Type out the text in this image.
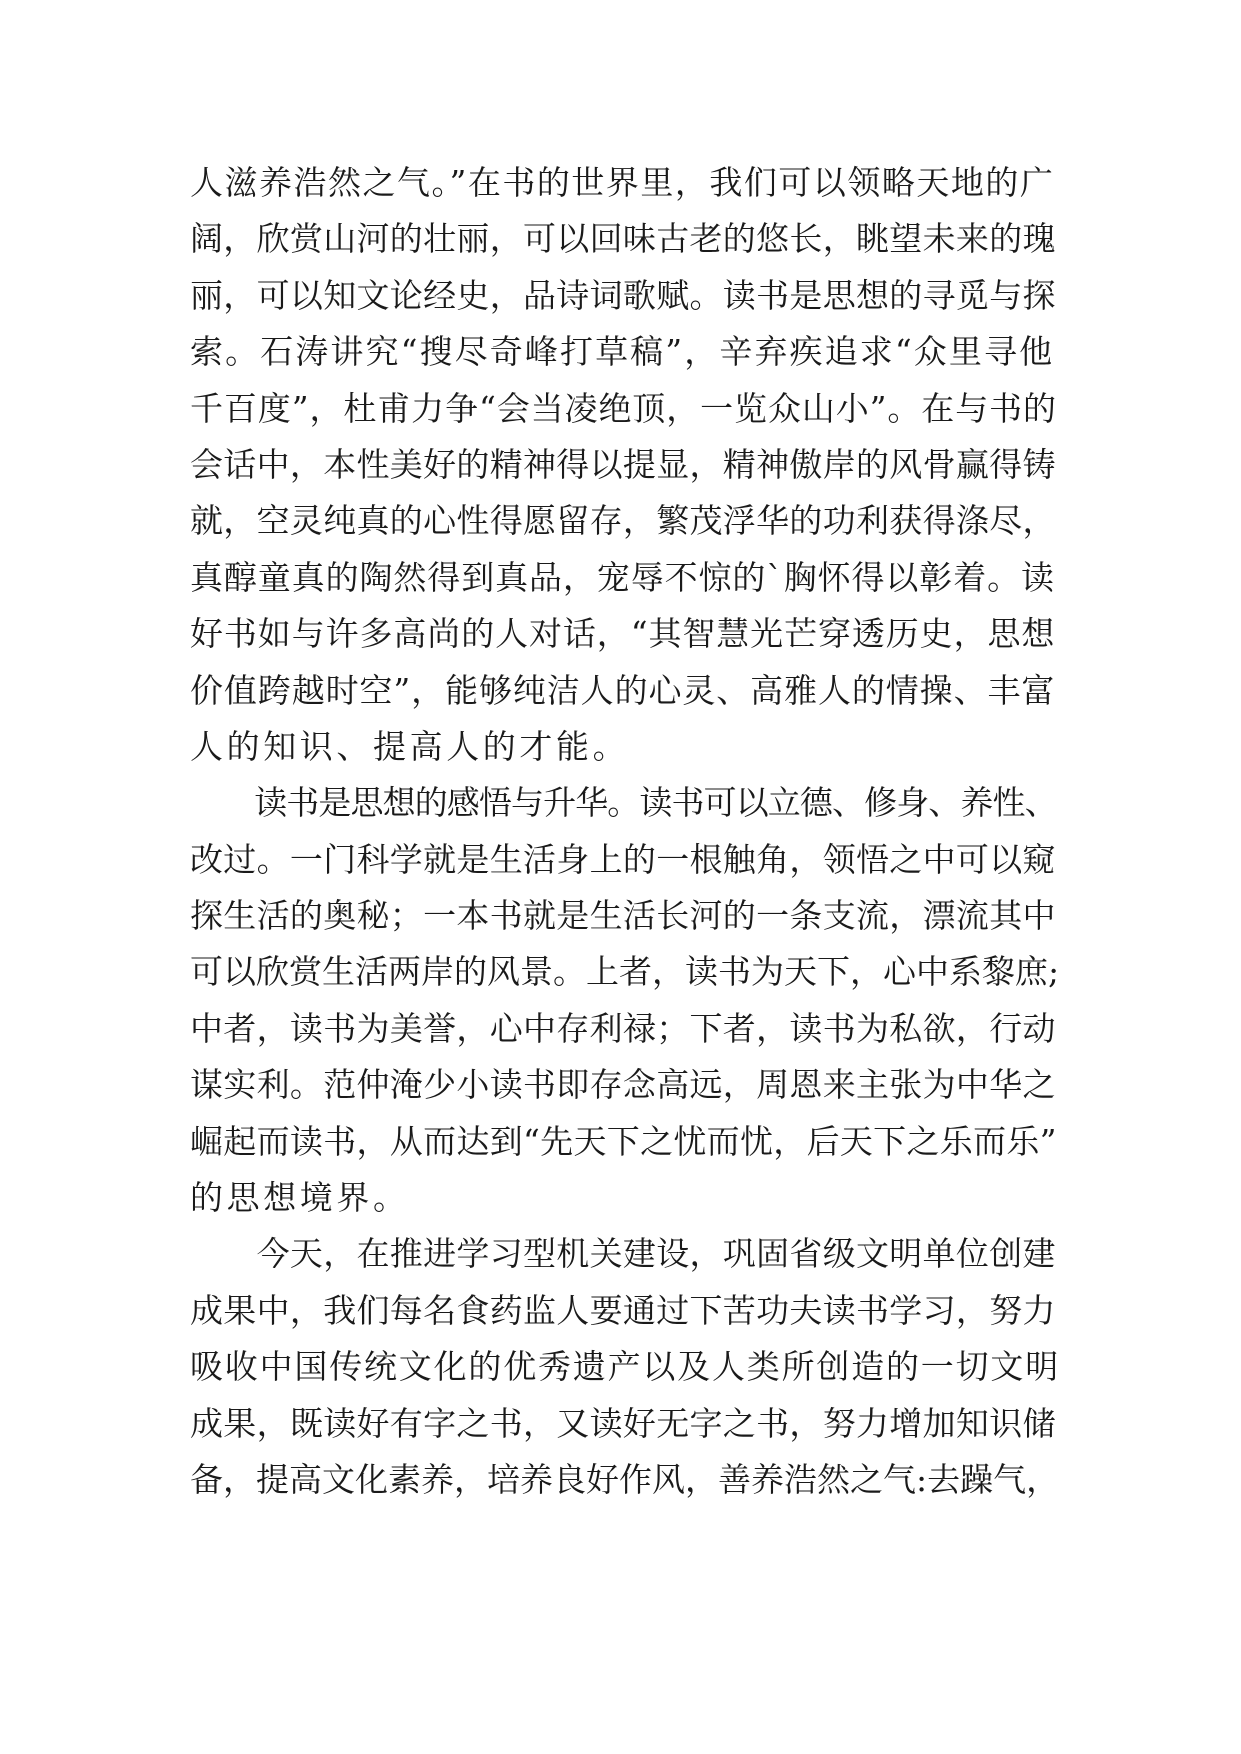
人滋养浩然之气。”在书的世界里，我们可以领略天地的广
阔，欣赏山河的壮丽，可以回味古老的悠长，眺望未来的瑰
丽，可以知文论经史，品诗词歌赋。读书是思想的寻觅与探
索。石涛讲究“搜尽奇峰打草稿”，辛弃疾追求“众里寻他
千百度”，杜甫力争“会当凌绝顶，一览众山小”。在与书的
会话中，本性美好的精神得以提显，精神傲岸的风骨赢得铸
就，空灵纯真的心性得愿留存，繁茂浮华的功利获得涤尽，
真醇童真的陶然得到真品，宠辱不惊的`胸怀得以彰着。读
好书如与许多高尚的人对话，“其智慧光芒穿透历史，思想
价值跨越时空”，能够纯洁人的心灵、高雅人的情操、丰富
人的知识、提高人的才能。
　　读书是思想的感悟与升华。读书可以立德、修身、养性、
改过。一门科学就是生活身上的一根触角，领悟之中可以窥
探生活的奥秘；一本书就是生活长河的一条支流，漂流其中
可以欣赏生活两岸的风景。上者，读书为天下，心中系黎庶;
中者，读书为美誉，心中存利禄；下者，读书为私欲，行动
谋实利。范仲淹少小读书即存念高远，周恩来主张为中华之
崛起而读书，从而达到“先天下之忧而忧，后天下之乐而乐”
的思想境界。
　　今天，在推进学习型机关建设，巩固省级文明单位创建
成果中，我们每名食药监人要通过下苦功夫读书学习，努力
吸收中国传统文化的优秀遗产以及人类所创造的一切文明
成果，既读好有字之书，又读好无字之书，努力增加知识储
备，提高文化素养，培养良好作风，善养浩然之气:去躁气，
